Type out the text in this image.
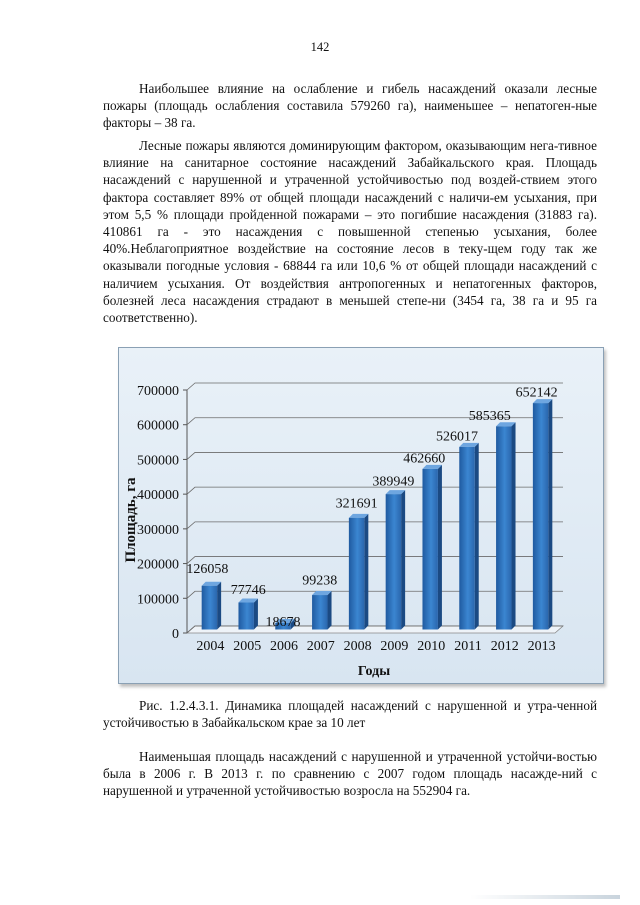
142

Наибольшее влияние на ослабление и гибель насаждений оказали лесные пожары (площадь ослабления составила 579260 га), наименьшее – непатоген-ные факторы – 38 га.

Лесные пожары являются доминирующим фактором, оказывающим нега-тивное влияние на санитарное состояние насаждений Забайкальского края. Площадь насаждений с нарушенной и утраченной устойчивостью под воздей-ствием этого фактора составляет 89% от общей площади насаждений с наличи-ем усыхания, при этом 5,5 % площади пройденной пожарами – это погибшие насаждения (31883 га). 410861 га - это насаждения с повышенной степенью усыхания, более 40%.Неблагоприятное воздействие на состояние лесов в теку-щем году так же оказывали погодные условия - 68844 га или 10,6 % от общей площади насаждений с наличием усыхания. От воздействия антропогенных и непатогенных факторов, болезней леса насаждения страдают в меньшей степе-ни (3454 га, 38 га и 95 га соответственно).

0
100000
200000
300000
400000
500000
600000
700000
2004 2005 2006 2007 2008 2009 2010 2011 2012 2013
126058
77746
18678
99238
321691
389949
462660
526017
585365
652142
Площадь, га
Годы

Рис. 1.2.4.3.1. Динамика площадей насаждений с нарушенной и утра-ченной устойчивостью в Забайкальском крае за 10 лет

Наименьшая площадь насаждений с нарушенной и утраченной устойчи-востью была в 2006 г. В 2013 г. по сравнению с 2007 годом площадь насажде-ний с нарушенной и утраченной устойчивостью возросла на 552904 га.
